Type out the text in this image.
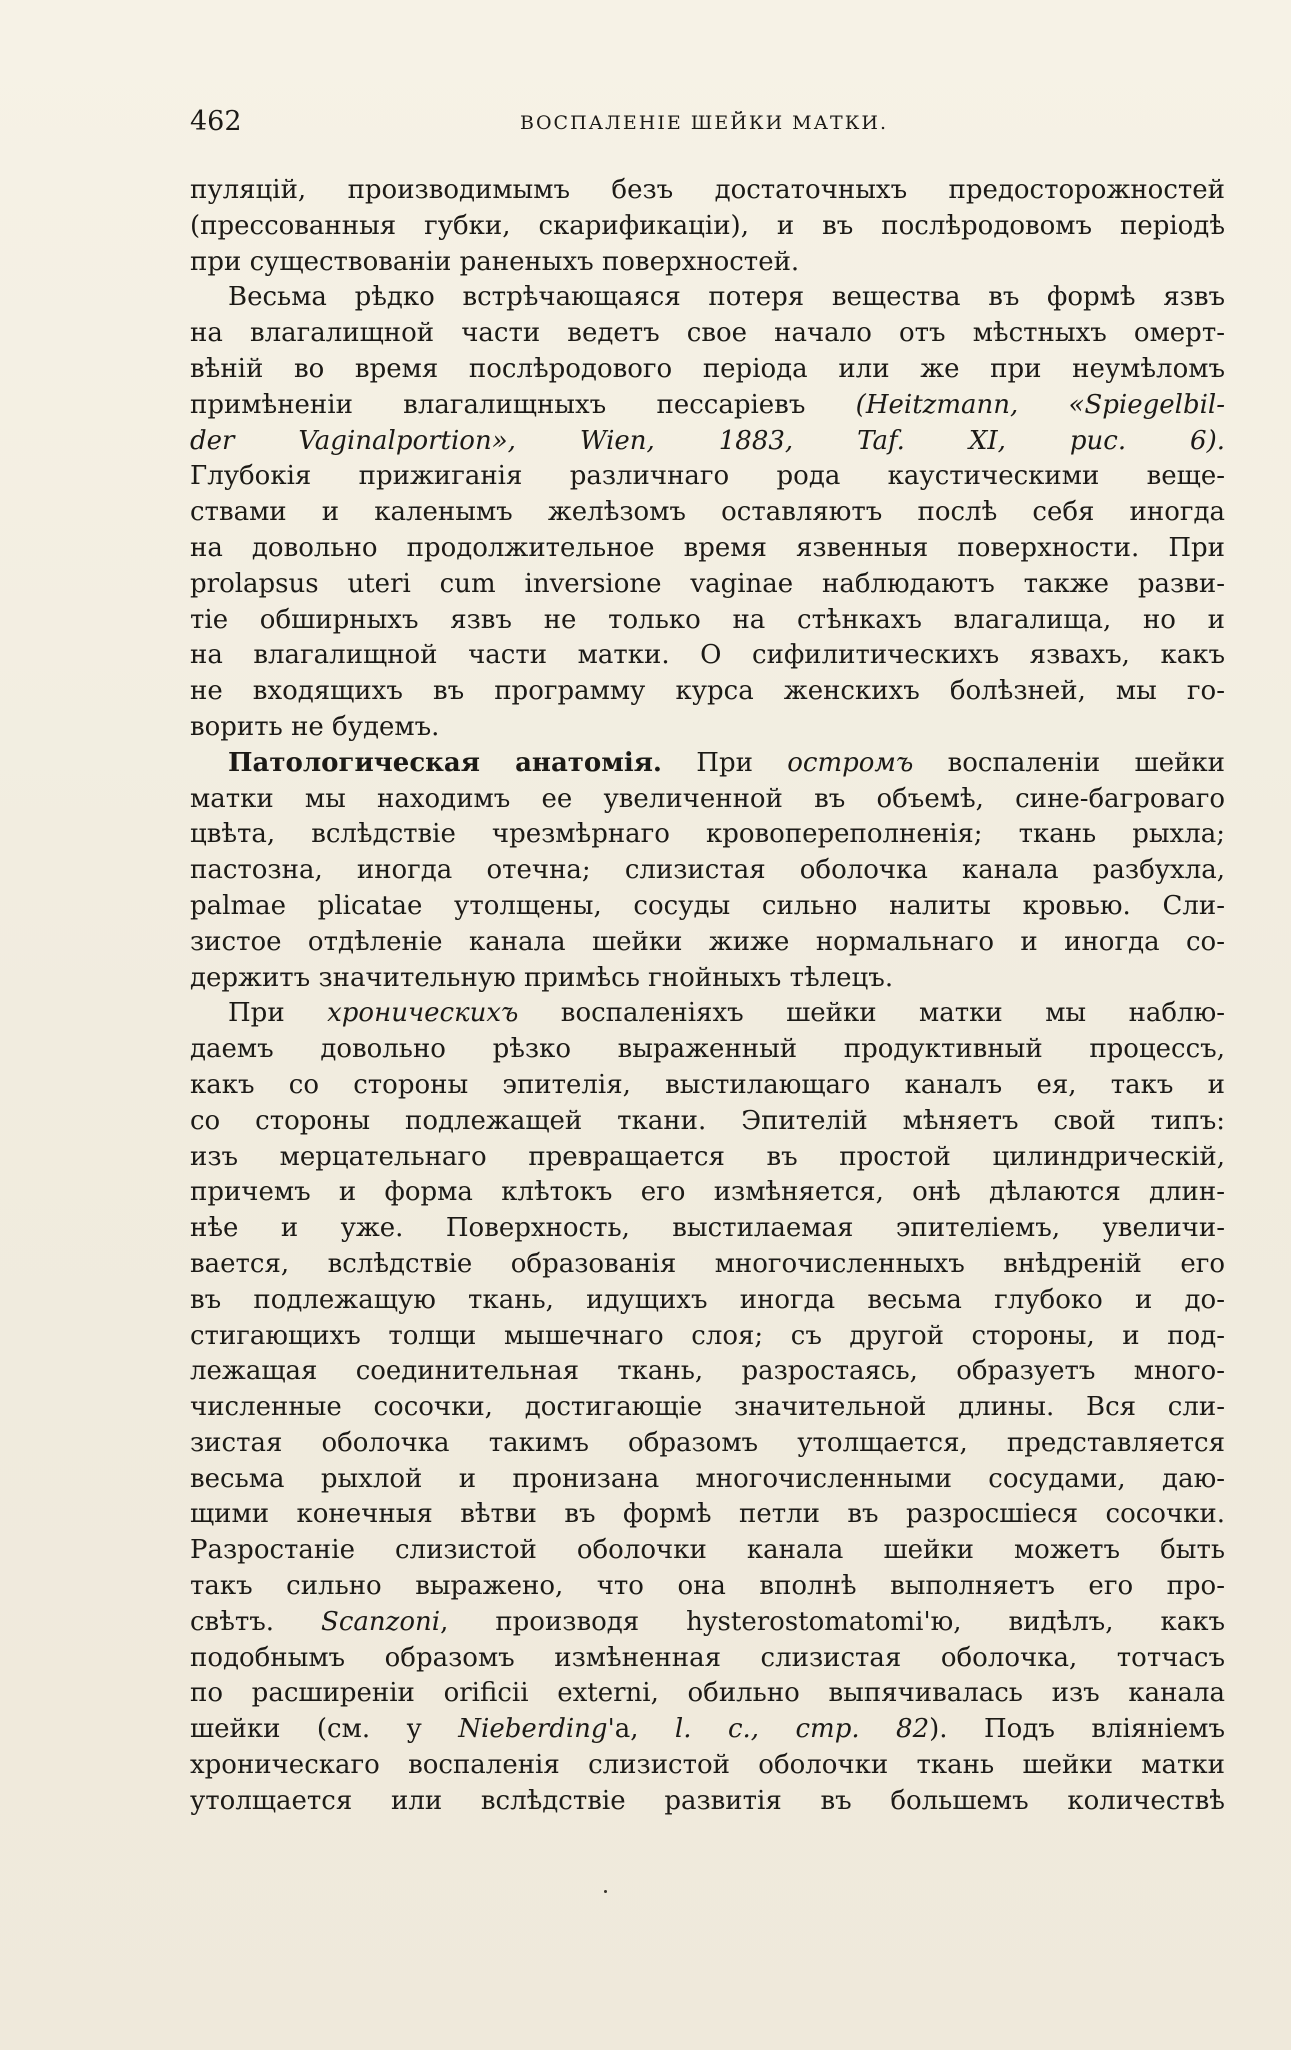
462	ВОСПАЛЕНІЕ ШЕЙКИ МАТКИ.
пуляцій, производимымъ безъ достаточныхъ предосторожностей
(прессованныя губки, скарификаціи), и въ послѣродовомъ періодѣ
при существованіи раненыхъ поверхностей.
Весьма рѣдко встрѣчающаяся потеря вещества въ формѣ язвъ
на влагалищной части ведетъ свое начало отъ мѣстныхъ омерт-
вѣній во время послѣродового періода или же при неумѣломъ
примѣненіи влагалищныхъ пессаріевъ (Heitzmann, «Spiegelbil-
der Vaginalportion», Wien, 1883, Taf. XI, рис. 6).
Глубокія прижиганія различнаго рода каустическими веще-
ствами и каленымъ желѣзомъ оставляютъ послѣ себя иногда
на довольно продолжительное время язвенныя поверхности. При
prolapsus uteri cum inversione vaginae наблюдаютъ также разви-
тіе обширныхъ язвъ не только на стѣнкахъ влагалища, но и
на влагалищной части матки. О сифилитическихъ язвахъ, какъ
не входящихъ въ программу курса женскихъ болѣзней, мы го-
ворить не будемъ.
Патологическая анатомія. При остромъ воспаленіи шейки
матки мы находимъ ее увеличенной въ объемѣ, сине-багроваго
цвѣта, вслѣдствіе чрезмѣрнаго кровопереполненія; ткань рыхла;
пастозна, иногда отечна; слизистая оболочка канала разбухла,
palmae plicatae утолщены, сосуды сильно налиты кровью. Сли-
зистое отдѣленіе канала шейки жиже нормальнаго и иногда со-
держитъ значительную примѣсь гнойныхъ тѣлецъ.
При хроническихъ воспаленіяхъ шейки матки мы наблю-
даемъ довольно рѣзко выраженный продуктивный процессъ,
какъ со стороны эпителія, выстилающаго каналъ ея, такъ и
со стороны подлежащей ткани. Эпителій мѣняетъ свой типъ:
изъ мерцательнаго превращается въ простой цилиндрическій,
причемъ и форма клѣтокъ его измѣняется, онѣ дѣлаются длин-
нѣе и уже. Поверхность, выстилаемая эпителіемъ, увеличи-
вается, вслѣдствіе образованія многочисленныхъ внѣдреній его
въ подлежащую ткань, идущихъ иногда весьма глубоко и до-
стигающихъ толщи мышечнаго слоя; съ другой стороны, и под-
лежащая соединительная ткань, разростаясь, образуетъ много-
численные сосочки, достигающіе значительной длины. Вся сли-
зистая оболочка такимъ образомъ утолщается, представляется
весьма рыхлой и пронизана многочисленными сосудами, даю-
щими конечныя вѣтви въ формѣ петли въ разросшіеся сосочки.
Разростаніе слизистой оболочки канала шейки можетъ быть
такъ сильно выражено, что она вполнѣ выполняетъ его про-
свѣтъ. Scanzoni, производя hysterostomatomi'ю, видѣлъ, какъ
подобнымъ образомъ измѣненная слизистая оболочка, тотчасъ
по расширеніи orificii externi, обильно выпячивалась изъ канала
шейки (см. у Nieberding'а, l. c., стр. 82). Подъ вліяніемъ
хроническаго воспаленія слизистой оболочки ткань шейки матки
утолщается или вслѣдствіе развитія въ большемъ количествѣ
